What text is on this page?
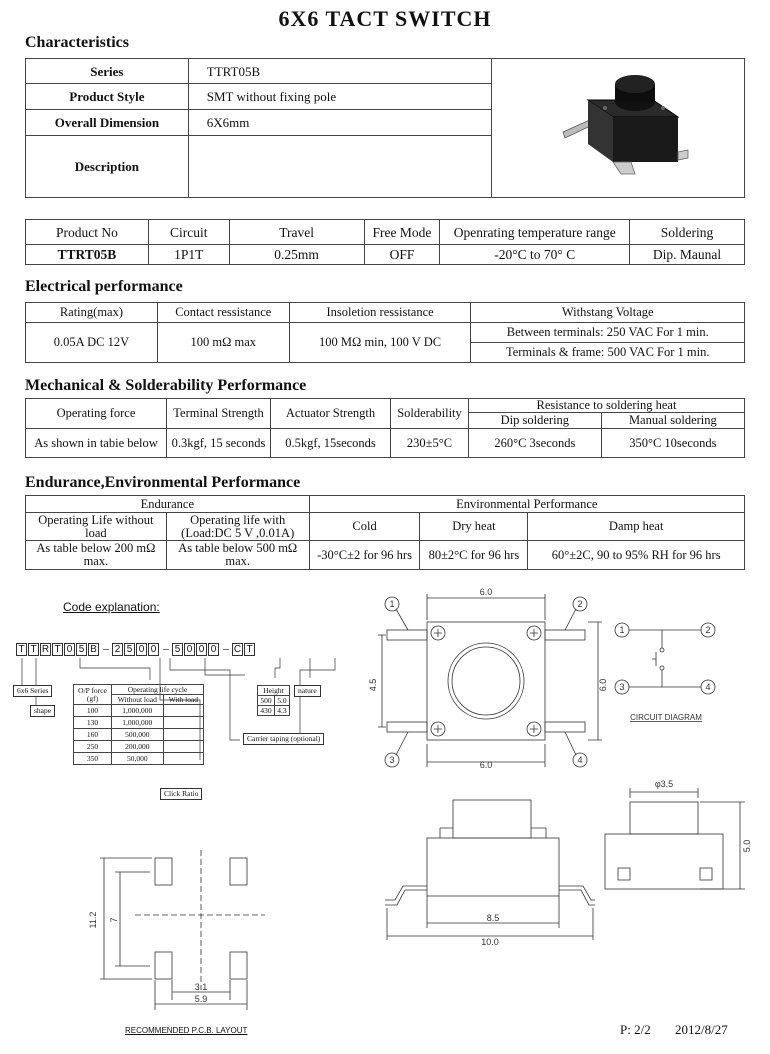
6X6 TACT SWITCH
Characteristics
Series	TTRT05B	
Product Style	SMT without fixing pole	
Overall Dimension	6X6mm	
Description		
Product No	Circuit	Travel	Free Mode	Openrating temperature range	Soldering
TTRT05B	1P1T	0.25mm	OFF	-20°C to 70° C	Dip. Maunal
Electrical performance
Rating(max)	Contact ressistance	Insoletion ressistance	Withstang Voltage
0.05A DC 12V	100 mΩ max	100 MΩ min, 100 V DC	Between terminals: 250 VAC For 1 min.
			Terminals & frame: 500 VAC For 1 min.
Mechanical & Solderability Performance
Operating force	Terminal Strength	Actuator Strength	Solderability	Resistance to soldering heat	
				Dip soldering	Manual soldering
As shown in tabie below	0.3kgf, 15 seconds	0.5kgf, 15seconds	230±5°C	260°C 3seconds	350°C 10seconds
Endurance,Environmental Performance
Endurance		Environmental Performance		
Operating Life without load	Operating life with (Load:DC 5 V ,0.01A)	Cold	Dry heat	Damp heat
As table below 200 mΩ max.	As table below 500 mΩ max.	-30°C±2 for 96 hrs	80±2°C for 96 hrs	60°±2C, 90 to 95% RH for 96 hrs
Code explanation:
T T R T 0 5 B – 2 5 0 0 – 5 0 0 0 – C T
6x6 Series
shape
Click Ratio
Carrier taping (optional)
nature
O/P force (gf)	Operating life cycle	
	Without load	With load
100	1,000,000	
130	1,000,000	
160	500,000	
250	200,000	
350	50,000	
Height	
500	5.0
430	4.3
6.0
6.0
4.5	6.0
1	2
3	4
1	2
3	4
CIRCUIT DIAGRAM
11.2 7
3.1
5.9
RECOMMENDED P.C.B. LAYOUT
8.5
10.0
φ3.5
5.0
P: 2/2 2012/8/27
